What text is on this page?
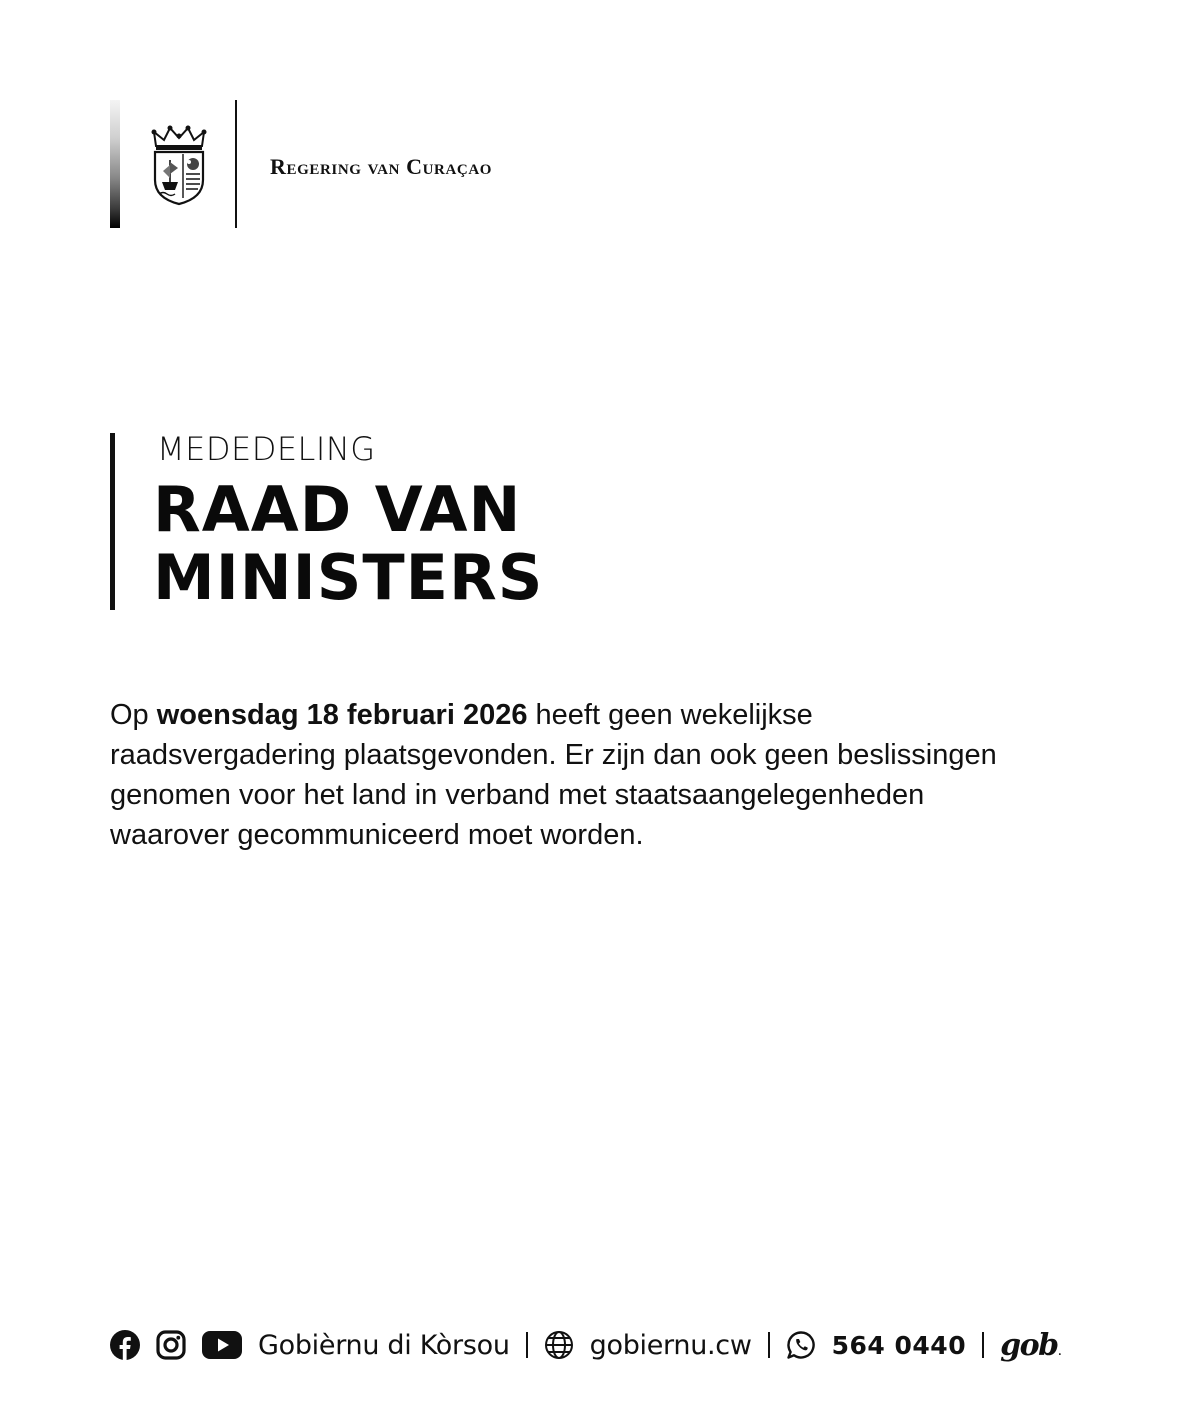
Regering van Curaçao
MEDEDELING
RAAD VAN
MINISTERS

Op woensdag 18 februari 2026 heeft geen wekelijkse raadsvergadering plaatsgevonden. Er zijn dan ook geen beslissingen genomen voor het land in verband met staatsaangelegenheden waarover gecommuniceerd moet worden.

Gobièrnu di Kòrsou	gobiernu.cw	564 0440 gob.
